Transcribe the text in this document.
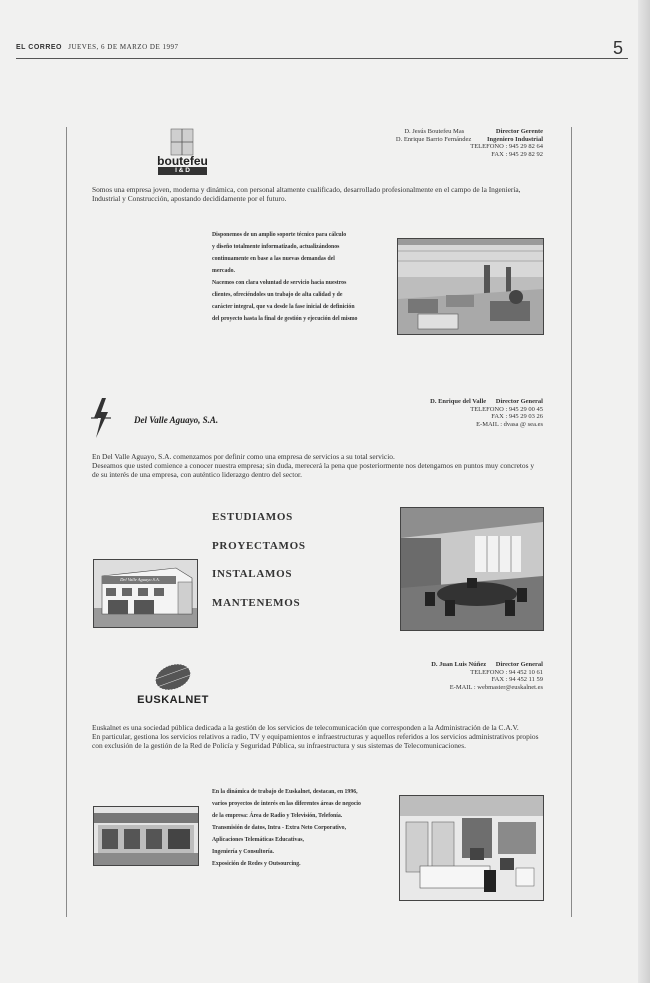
EL CORREO JUEVES, 6 DE MARZO DE 1997	5
boutefeu
I & D
D. Jesús Boutefeu Mas	Director Gerente
D. Enrique Barrio Fernández Ingeniero Industrial
TELEFONO : 945 29 82 64
FAX : 945 29 82 92
Somos una empresa joven, moderna y dinámica, con personal altamente cualificado, desarrollado profesionalmente en el campo de la Ingeniería, Industrial y Construcción, apostando decididamente por el futuro.
Disponemos de un amplio soporte técnico para cálculo
y diseño totalmente informatizado, actualizándonos
continuamente en base a las nuevas demandas del
mercado.
Nacemos con clara voluntad de servicio hacia nuestros
clientes, ofreciéndoles un trabajo de alta calidad y de
carácter integral, que va desde la fase inicial de definición
del proyecto hasta la final de gestión y ejecución del mismo
Del Valle Aguayo, S.A.
D. Enrique del Valle Director General
TELEFONO : 945 29 00 45
FAX : 945 29 03 26
E-MAIL : dvasa @ sea.es
En Del Valle Aguayo, S.A. comenzamos por definir como una empresa de servicios a su total servicio.
Deseamos que usted comience a conocer nuestra empresa; sin duda, merecerá la pena que posteriormente nos detengamos en puntos muy concretos y de su interés de una empresa, con auténtico liderazgo dentro del sector.
ESTUDIAMOS
PROYECTAMOS
INSTALAMOS
MANTENEMOS
Del Valle Aguayo S.A.
EUSKALNET
D. Juan Luis Núñez Director General
TELEFONO : 94 452 10 61
FAX : 94 452 11 59
E-MAIL : webmaster@euskalnet.es
Euskalnet es una sociedad pública dedicada a la gestión de los servicios de telecomunicación que corresponden a la Administración de la C.A.V.
En particular, gestiona los servicios relativos a radio, TV y equipamientos e infraestructuras y aquellos referidos a los servicios administrativos propios con exclusión de la gestión de la Red de Policía y Seguridad Pública, su infraestructura y sus sistemas de Telecomunicaciones.
En la dinámica de trabajo de Euskalnet, destacan, en 1996,
varios proyectos de interés en las diferentes áreas de negocio
de la empresa: Área de Radio y Televisión, Telefonía.
Transmisión de datos, Intra - Extra Neto Corporativo,
Aplicaciones Telemáticas Educativas,
Ingeniería y Consultoría.
Exposición de Redes y Outsourcing.
